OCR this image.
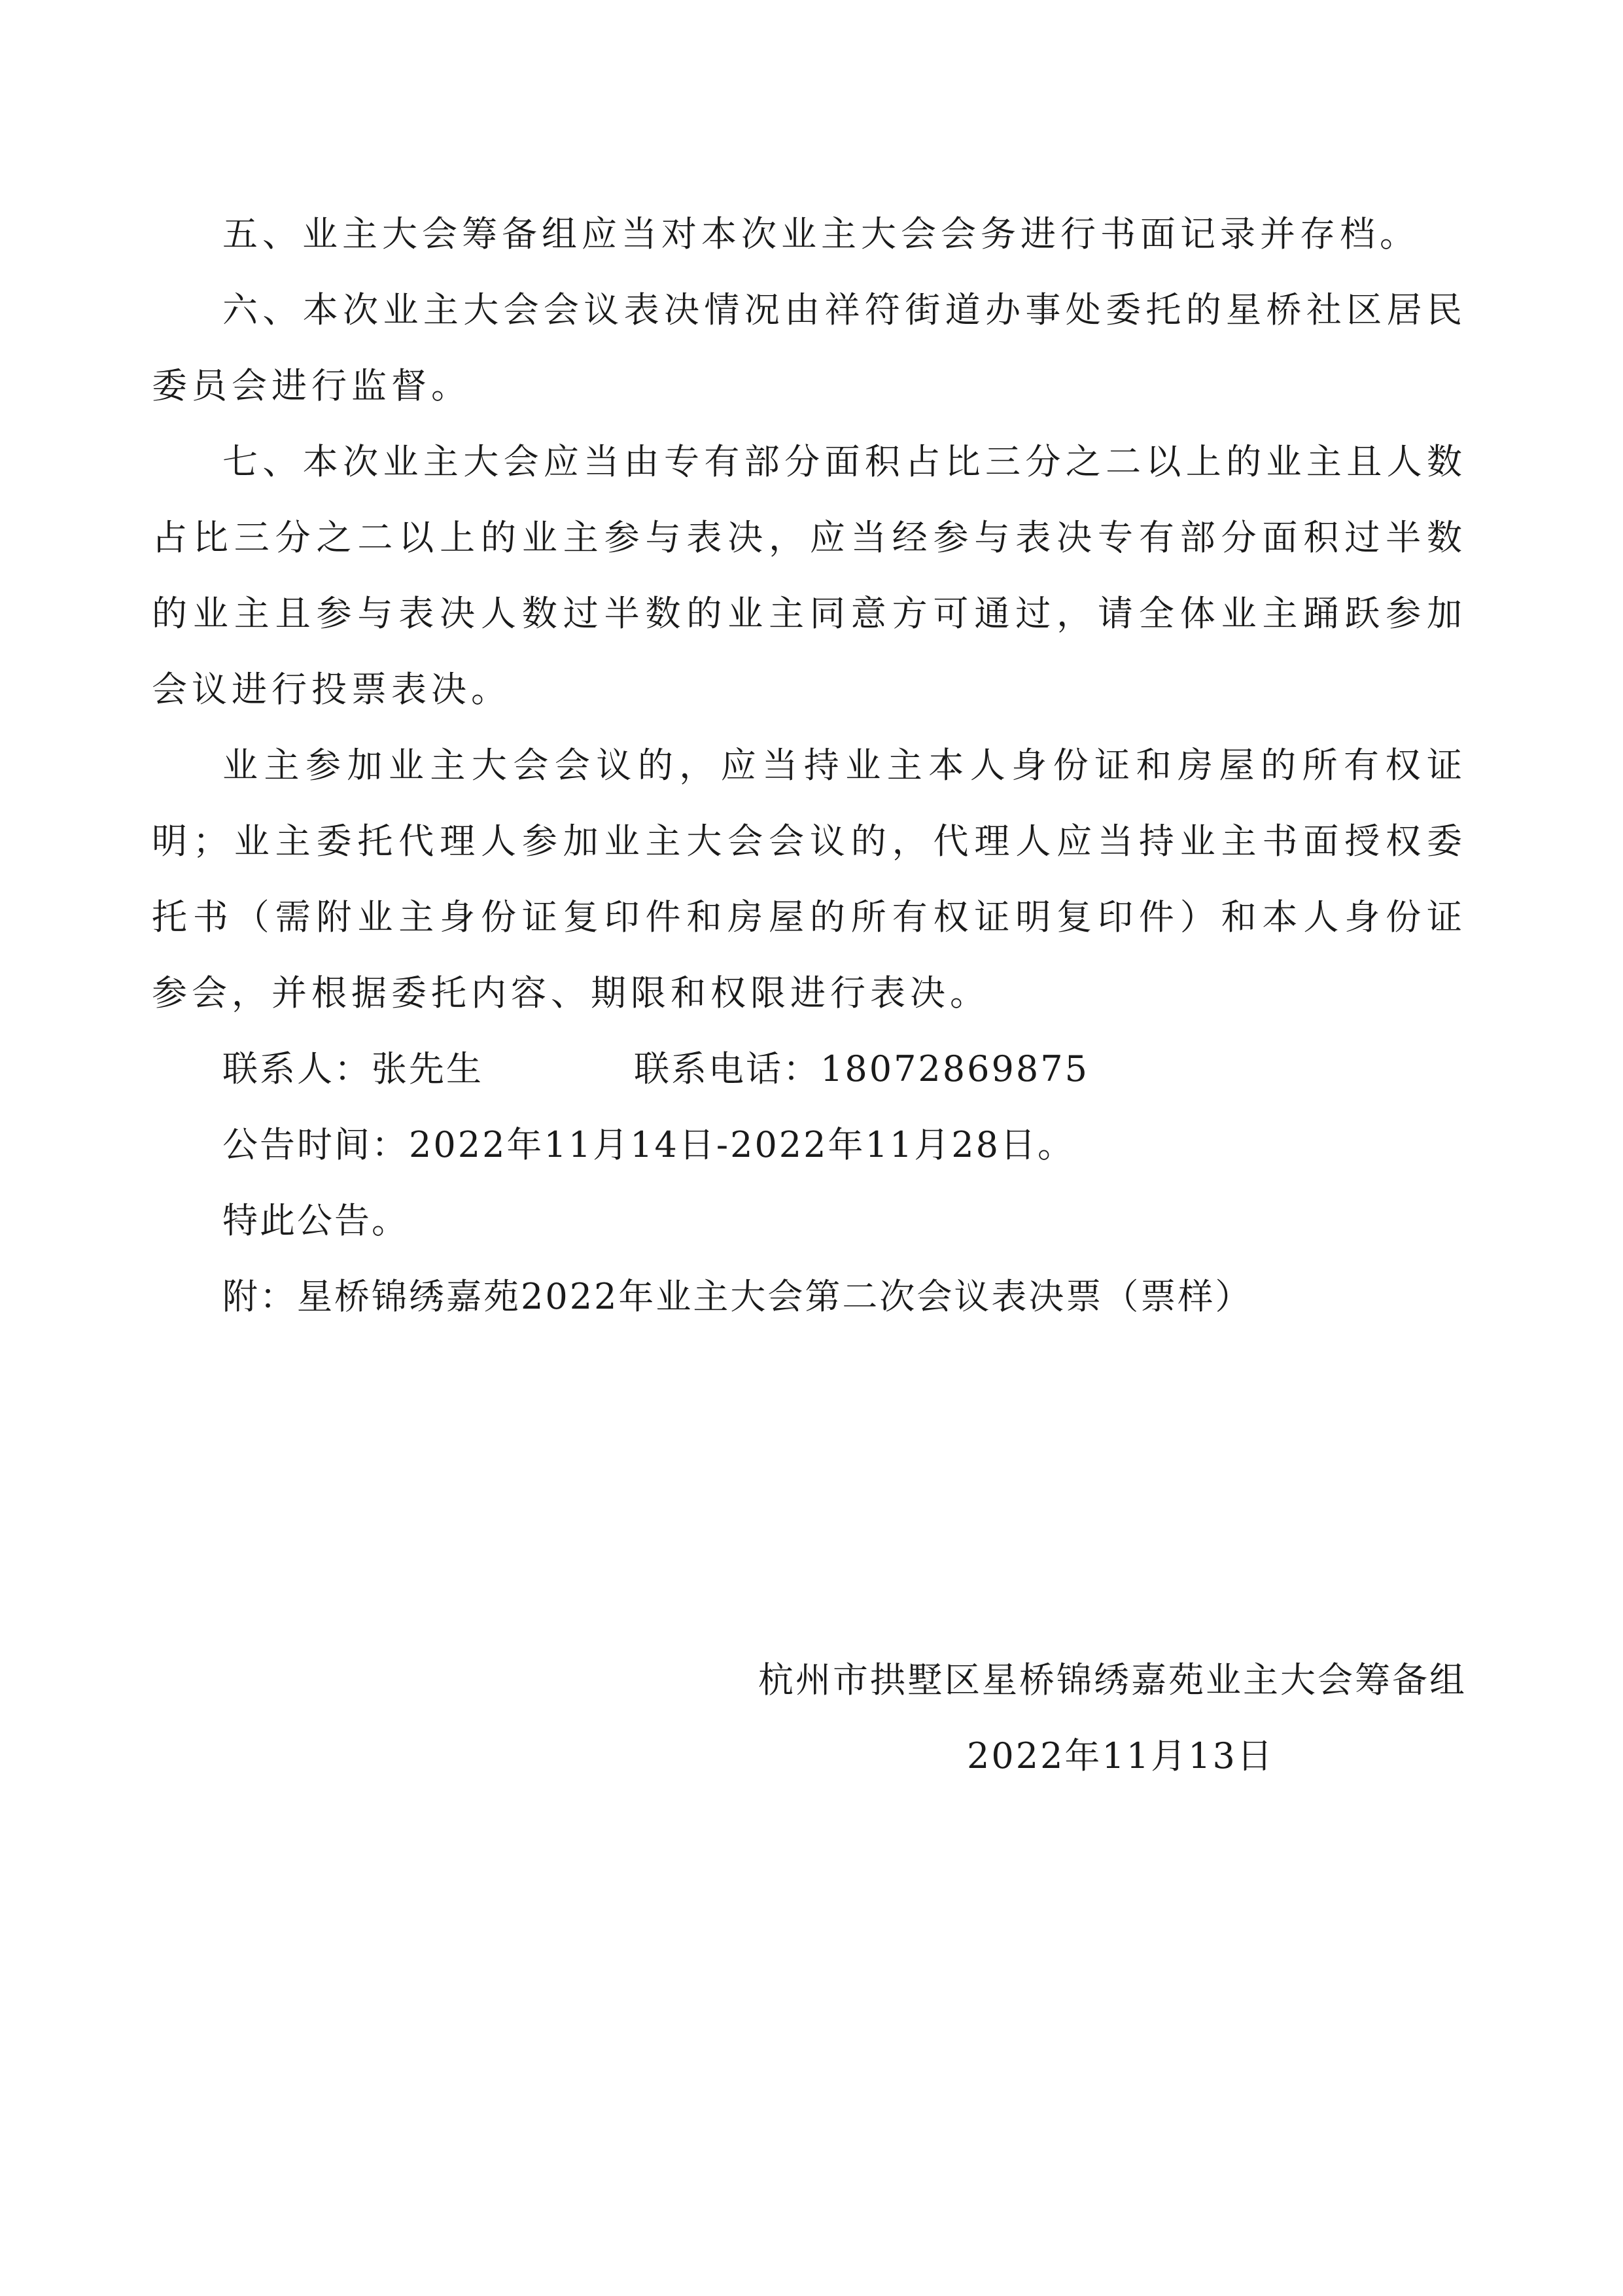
五、业主大会筹备组应当对本次业主大会会务进行书面记录并存档。

六、本次业主大会会议表决情况由祥符街道办事处委托的星桥社区居民委员会进行监督。

七、本次业主大会应当由专有部分面积占比三分之二以上的业主且人数占比三分之二以上的业主参与表决，应当经参与表决专有部分面积过半数的业主且参与表决人数过半数的业主同意方可通过，请全体业主踊跃参加会议进行投票表决。

业主参加业主大会会议的，应当持业主本人身份证和房屋的所有权证明；业主委托代理人参加业主大会会议的，代理人应当持业主书面授权委托书（需附业主身份证复印件和房屋的所有权证明复印件）和本人身份证参会，并根据委托内容、期限和权限进行表决。

联系人：张先生	联系电话：18072869875

公告时间：2022年11月14日-2022年11月28日。

特此公告。

附：星桥锦绣嘉苑2022年业主大会第二次会议表决票（票样）

杭州市拱墅区星桥锦绣嘉苑业主大会筹备组
2022年11月13日
